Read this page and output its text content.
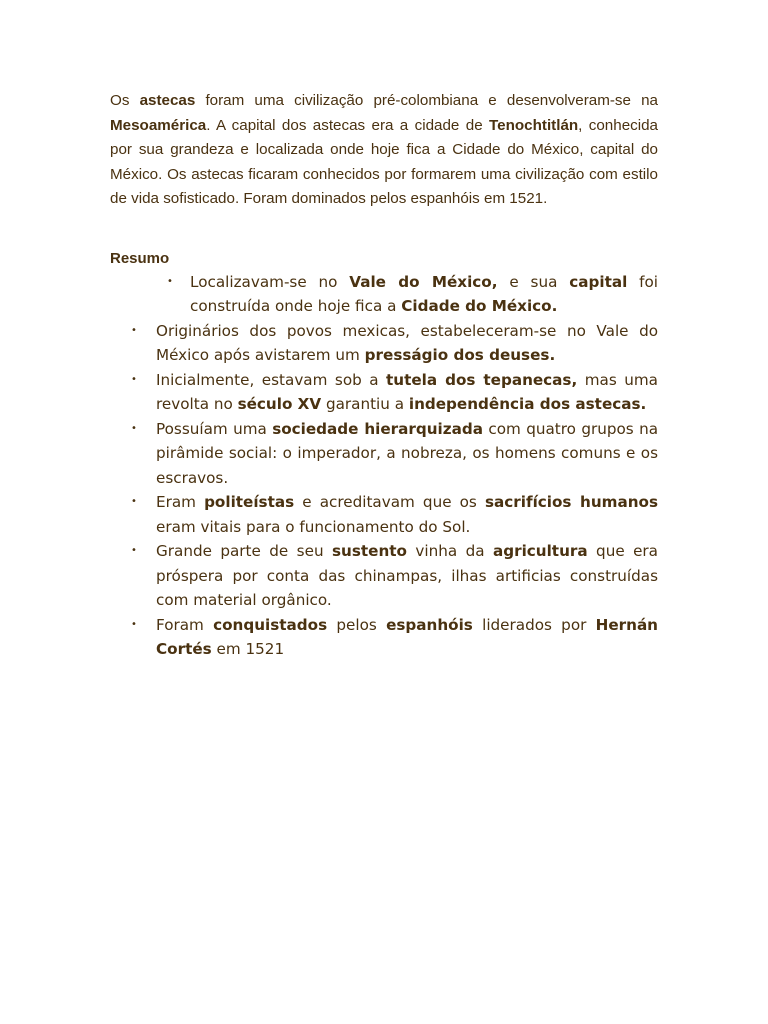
Os astecas foram uma civilização pré-colombiana e desenvolveram-se na Mesoamérica. A capital dos astecas era a cidade de Tenochtitlán, conhecida por sua grandeza e localizada onde hoje fica a Cidade do México, capital do México. Os astecas ficaram conhecidos por formarem uma civilização com estilo de vida sofisticado. Foram dominados pelos espanhóis em 1521.

Resumo
• Localizavam-se no Vale do México, e sua capital foi construída onde hoje fica a Cidade do México.
• Originários dos povos mexicas, estabeleceram-se no Vale do México após avistarem um presságio dos deuses.
• Inicialmente, estavam sob a tutela dos tepanecas, mas uma revolta no século XV garantiu a independência dos astecas.
• Possuíam uma sociedade hierarquizada com quatro grupos na pirâmide social: o imperador, a nobreza, os homens comuns e os escravos.
• Eram politeístas e acreditavam que os sacrifícios humanos eram vitais para o funcionamento do Sol.
• Grande parte de seu sustento vinha da agricultura que era próspera por conta das chinampas, ilhas artificias construídas com material orgânico.
• Foram conquistados pelos espanhóis liderados por Hernán Cortés em 1521
